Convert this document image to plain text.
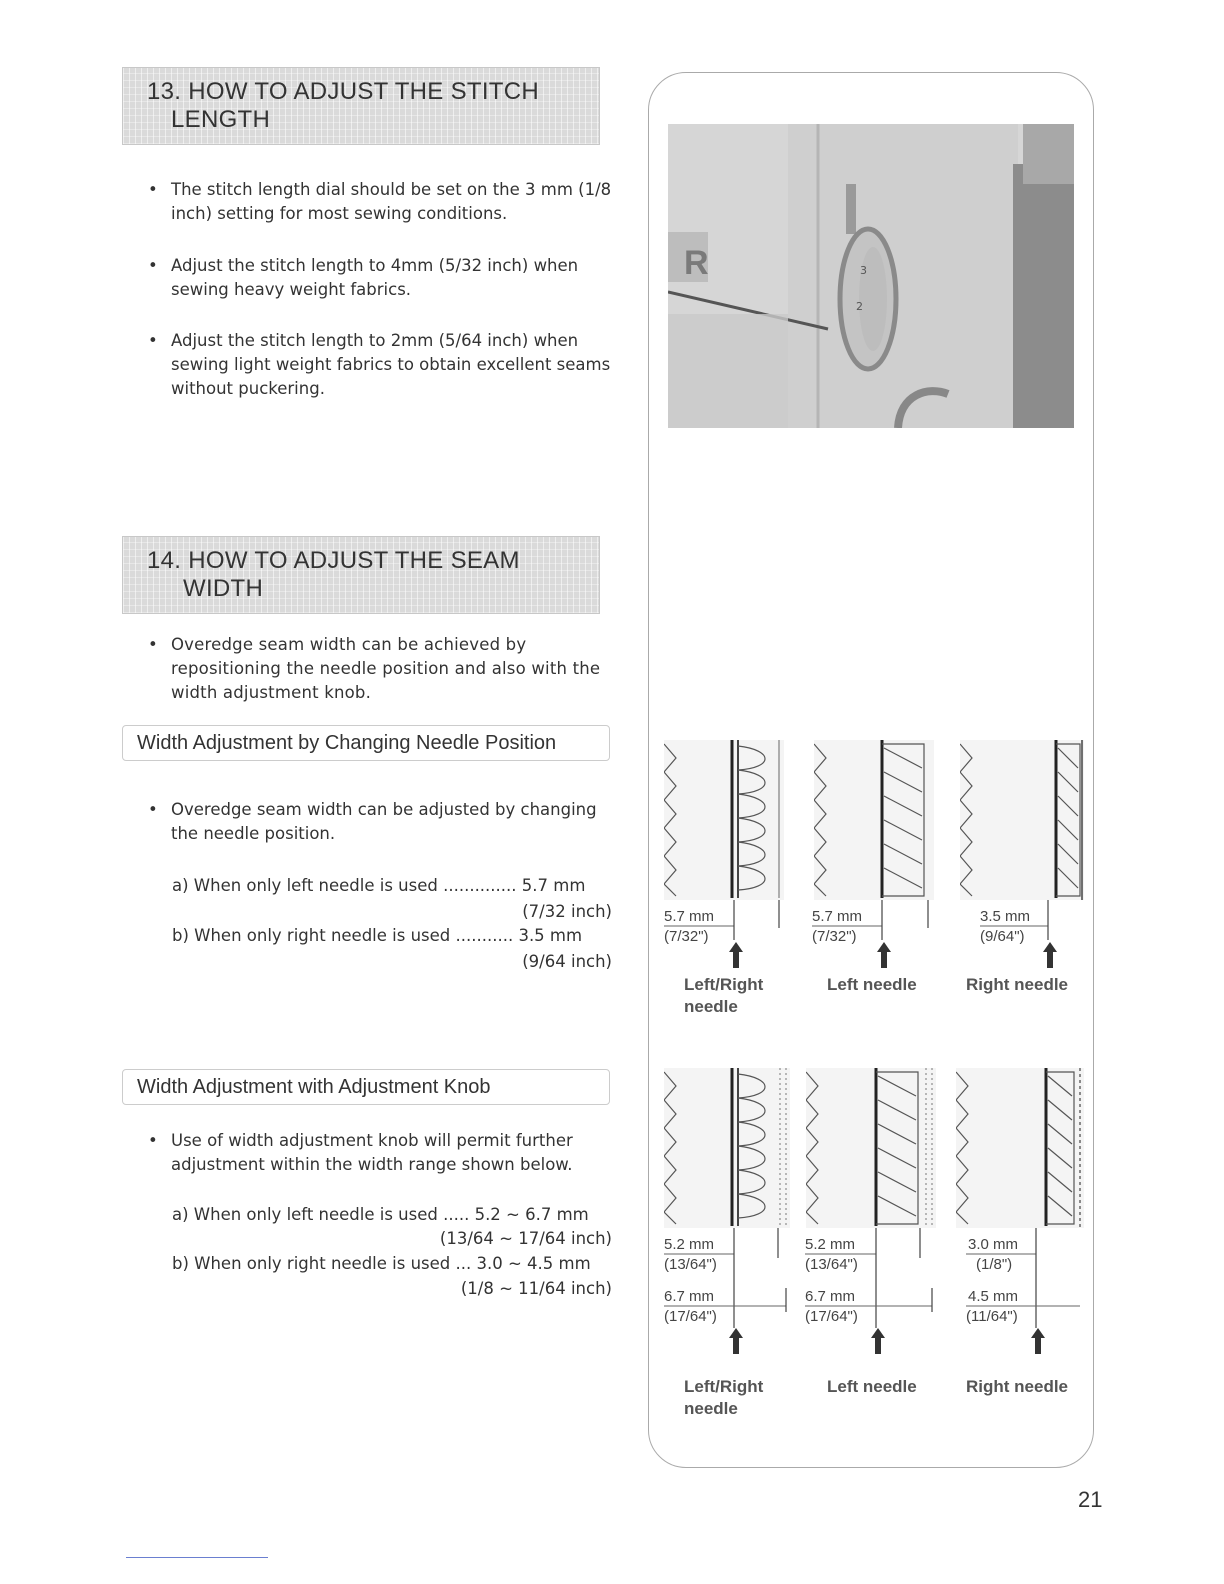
13. HOW TO ADJUST THE STITCH
LENGTH
• The stitch length dial should be set on the 3 mm (1/8 inch) setting for most sewing conditions.
• Adjust the stitch length to 4mm (5/32 inch) when sewing heavy weight fabrics.
• Adjust the stitch length to 2mm (5/64 inch) when sewing light weight fabrics to obtain excellent seams without puckering.
14. HOW TO ADJUST THE SEAM
WIDTH
• Overedge seam width can be achieved by repositioning the needle position and also with the width adjustment knob.
Width Adjustment by Changing Needle Position
• Overedge seam width can be adjusted by changing the needle position.
a) When only left needle is used .............. 5.7 mm
(7/32 inch)
b) When only right needle is used ........... 3.5 mm
(9/64 inch)
Width Adjustment with Adjustment Knob
• Use of width adjustment knob will permit further adjustment within the width range shown below.
a) When only left needle is used ..... 5.2 ~ 6.7 mm
(13/64 ~ 17/64 inch)
b) When only right needle is used ... 3.0 ~ 4.5 mm
(1/8 ~ 11/64 inch)
3
2
R
5.7 mm
(7/32")
5.7 mm
(7/32")
3.5 mm
(9/64")
Left/Right
needle
Left needle	Right needle
5.2 mm
(13/64")
6.7 mm
(17/64")
5.2 mm
(13/64")
6.7 mm
(17/64")
3.0 mm
(1/8")
4.5 mm
(11/64")
Left/Right
needle
Left needle	Right needle
21
